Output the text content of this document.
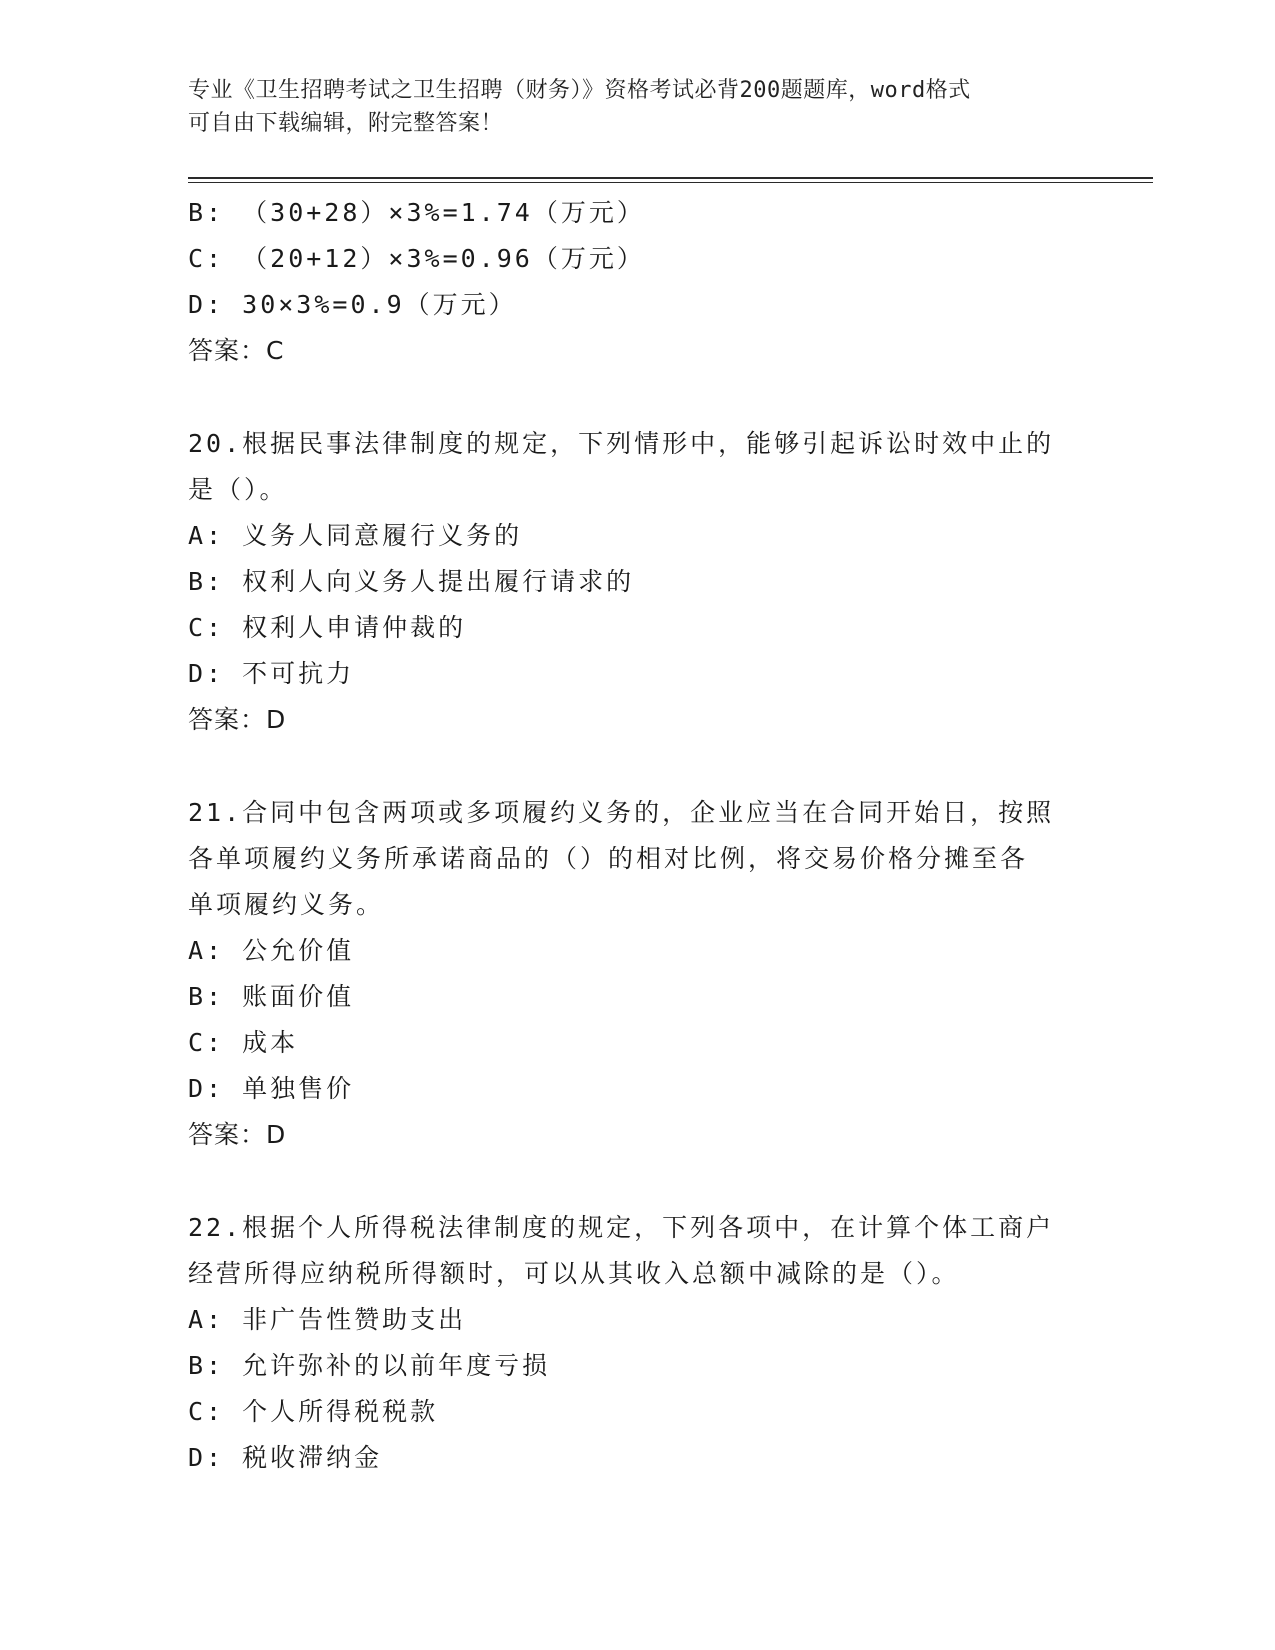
专业《卫生招聘考试之卫生招聘（财务）》资格考试必背200题题库，word格式
可自由下载编辑，附完整答案！
B: （30+28）×3%=1.74（万元）
C: （20+12）×3%=0.96（万元）
D: 30×3%=0.9（万元）
答案：C
20.根据民事法律制度的规定，下列情形中，能够引起诉讼时效中止的
是（）。
A: 义务人同意履行义务的
B: 权利人向义务人提出履行请求的
C: 权利人申请仲裁的
D: 不可抗力
答案：D
21.合同中包含两项或多项履约义务的，企业应当在合同开始日，按照
各单项履约义务所承诺商品的（）的相对比例，将交易价格分摊至各
单项履约义务。
A: 公允价值
B: 账面价值
C: 成本
D: 单独售价
答案：D
22.根据个人所得税法律制度的规定，下列各项中，在计算个体工商户
经营所得应纳税所得额时，可以从其收入总额中减除的是（）。
A: 非广告性赞助支出
B: 允许弥补的以前年度亏损
C: 个人所得税税款
D: 税收滞纳金
